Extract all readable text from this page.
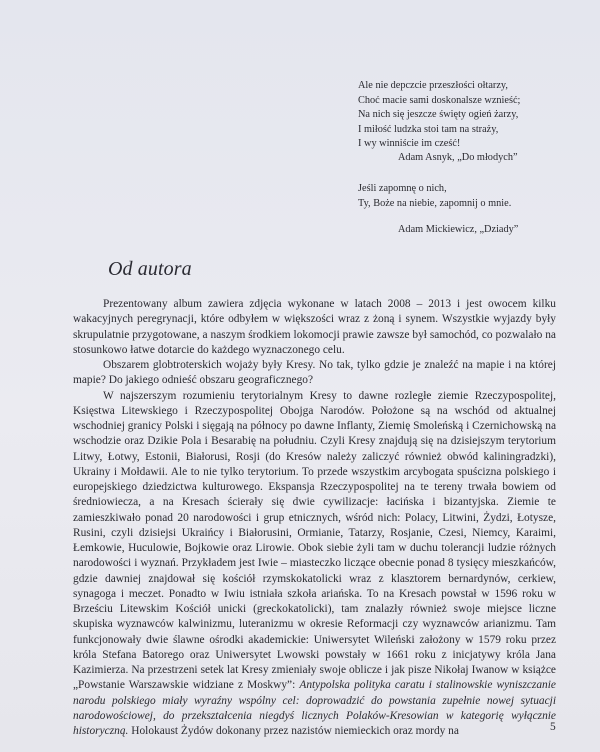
Ale nie depczcie przeszłości ołtarzy,
Choć macie sami doskonalsze wznieść;
Na nich się jeszcze święty ogień żarzy,
I miłość ludzka stoi tam na straży,
I wy winniście im cześć!
Adam Asnyk, „Do młodych”
Jeśli zapomnę o nich,
Ty, Boże na niebie, zapomnij o mnie.
Adam Mickiewicz, „Dziady”
Od autora

Prezentowany album zawiera zdjęcia wykonane w latach 2008 – 2013 i jest owocem kilku wakacyjnych peregrynacji, które odbyłem w większości wraz z żoną i synem. Wszystkie wyjazdy były skrupulatnie przygotowane, a naszym środkiem lokomocji prawie zawsze był samochód, co pozwalało na stosunkowo łatwe dotarcie do każdego wyznaczonego celu.

Obszarem globtroterskich wojaży były Kresy. No tak, tylko gdzie je znaleźć na mapie i na której mapie? Do jakiego odnieść obszaru geograficznego?

W najszerszym rozumieniu terytorialnym Kresy to dawne rozległe ziemie Rzeczypospolitej, Księstwa Litewskiego i Rzeczypospolitej Obojga Narodów. Położone są na wschód od aktualnej wschodniej granicy Polski i sięgają na północy po dawne Inflanty, Ziemię Smoleńską i Czernichowską na wschodzie oraz Dzikie Pola i Besarabię na południu. Czyli Kresy znajdują się na dzisiejszym terytorium Litwy, Łotwy, Estonii, Białorusi, Rosji (do Kresów należy zaliczyć również obwód kaliningradzki), Ukrainy i Mołdawii. Ale to nie tylko terytorium. To przede wszystkim arcybogata spuścizna polskiego i europejskiego dziedzictwa kulturowego. Ekspansja Rzeczypospolitej na te tereny trwała bowiem od średniowiecza, a na Kresach ścierały się dwie cywilizacje: łacińska i bizantyjska. Ziemie te zamieszkiwało ponad 20 narodowości i grup etnicznych, wśród nich: Polacy, Litwini, Żydzi, Łotysze, Rusini, czyli dzisiejsi Ukraińcy i Białorusini, Ormianie, Tatarzy, Rosjanie, Czesi, Niemcy, Karaimi, Łemkowie, Huculowie, Bojkowie oraz Lirowie. Obok siebie żyli tam w duchu tolerancji ludzie różnych narodowości i wyznań. Przykładem jest Iwie – miasteczko liczące obecnie ponad 8 tysięcy mieszkańców, gdzie dawniej znajdował się kościół rzymskokatolicki wraz z klasztorem bernardynów, cerkiew, synagoga i meczet. Ponadto w Iwiu istniała szkoła ariańska. To na Kresach powstał w 1596 roku w Brześciu Litewskim Kościół unicki (greckokatolicki), tam znalazły również swoje miejsce liczne skupiska wyznawców kalwinizmu, luteranizmu w okresie Reformacji czy wyznawców arianizmu. Tam funkcjonowały dwie ślawne ośrodki akademickie: Uniwersytet Wileński założony w 1579 roku przez króla Stefana Batorego oraz Uniwersytet Lwowski powstały w 1661 roku z inicjatywy króla Jana Kazimierza. Na przestrzeni setek lat Kresy zmieniały swoje oblicze i jak pisze Nikołaj Iwanow w książce „Powstanie Warszawskie widziane z Moskwy”: Antypolska polityka caratu i stalinowskie wyniszczanie narodu polskiego miały wyraźny wspólny cel: doprowadzić do powstania zupełnie nowej sytuacji narodowościowej, do przekształcenia niegdyś licznych Polaków-Kresowian w kategorię wyłącznie historyczną. Holokaust Żydów dokonany przez nazistów niemieckich oraz mordy na	5
